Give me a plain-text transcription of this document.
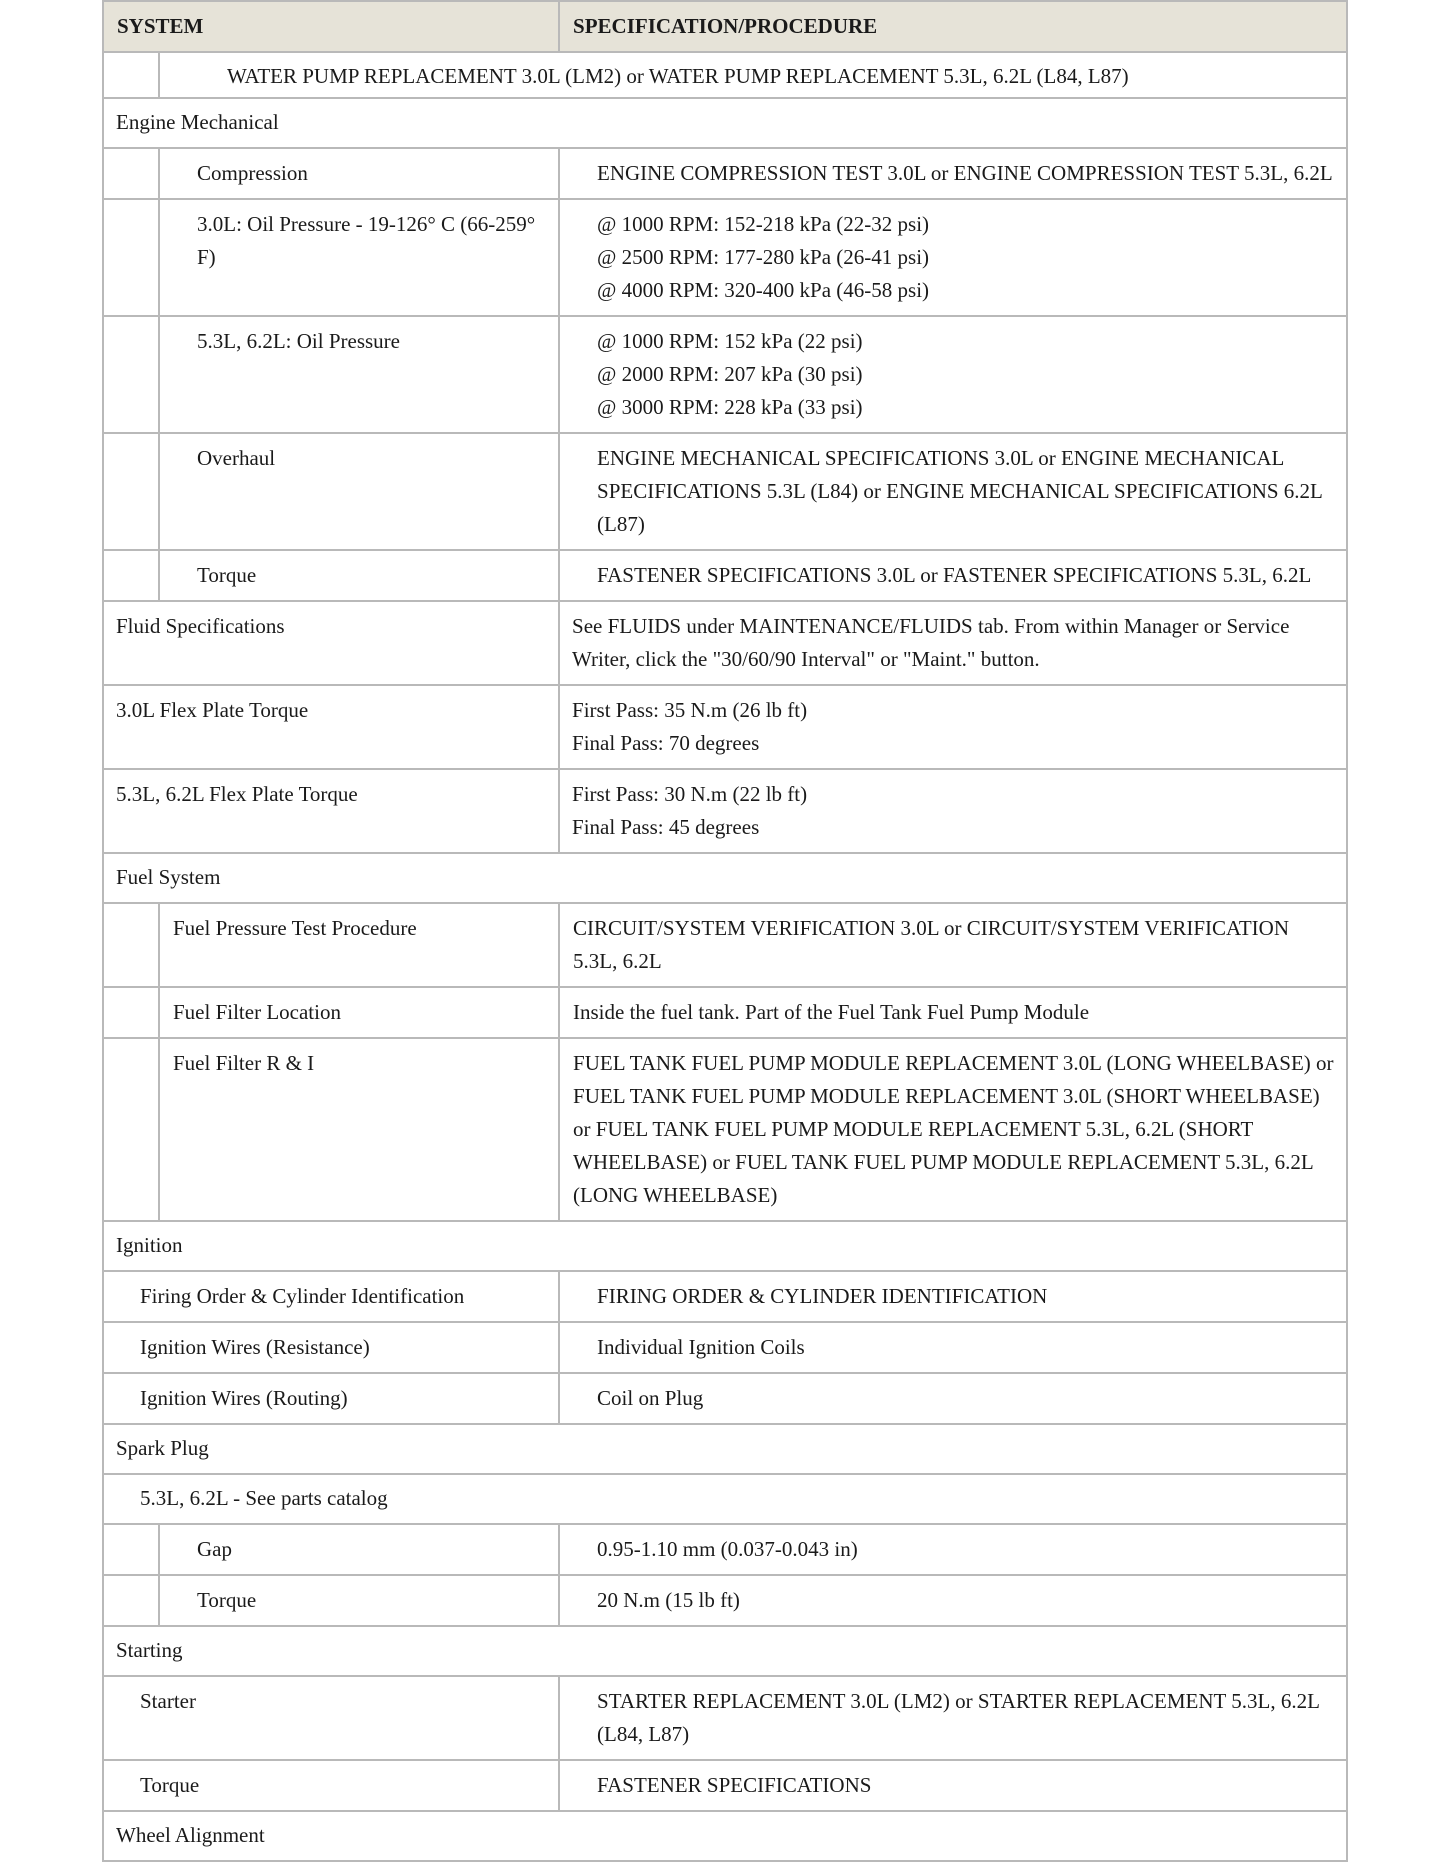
SYSTEM		SPECIFICATION/PROCEDURE

	WATER PUMP REPLACEMENT 3.0L (LM2) or WATER PUMP REPLACEMENT 5.3L, 6.2L (L84, L87)	

Engine Mechanical		

	Compression	ENGINE COMPRESSION TEST 3.0L or ENGINE COMPRESSION TEST 5.3L, 6.2L

	3.0L: Oil Pressure - 19-126° C (66-259° F)	@ 1000 RPM: 152-218 kPa (22-32 psi)
@ 2500 RPM: 177-280 kPa (26-41 psi)
@ 4000 RPM: 320-400 kPa (46-58 psi)

	5.3L, 6.2L: Oil Pressure	@ 1000 RPM: 152 kPa (22 psi)
@ 2000 RPM: 207 kPa (30 psi)
@ 3000 RPM: 228 kPa (33 psi)

	Overhaul	ENGINE MECHANICAL SPECIFICATIONS 3.0L or ENGINE MECHANICAL SPECIFICATIONS 5.3L (L84) or ENGINE MECHANICAL SPECIFICATIONS 6.2L (L87)

	Torque	FASTENER SPECIFICATIONS 3.0L or FASTENER SPECIFICATIONS 5.3L, 6.2L

Fluid Specifications		See FLUIDS under MAINTENANCE/FLUIDS tab. From within Manager or Service Writer, click the "30/60/90 Interval" or "Maint." button.

3.0L Flex Plate Torque		First Pass: 35 N.m (26 lb ft)
Final Pass: 70 degrees

5.3L, 6.2L Flex Plate Torque		First Pass: 30 N.m (22 lb ft)
Final Pass: 45 degrees

Fuel System		

	Fuel Pressure Test Procedure	CIRCUIT/SYSTEM VERIFICATION 3.0L or CIRCUIT/SYSTEM VERIFICATION 5.3L, 6.2L

	Fuel Filter Location	Inside the fuel tank. Part of the Fuel Tank Fuel Pump Module

	Fuel Filter R & I	FUEL TANK FUEL PUMP MODULE REPLACEMENT 3.0L (LONG WHEELBASE) or FUEL TANK FUEL PUMP MODULE REPLACEMENT 3.0L (SHORT WHEELBASE) or FUEL TANK FUEL PUMP MODULE REPLACEMENT 5.3L, 6.2L (SHORT WHEELBASE) or FUEL TANK FUEL PUMP MODULE REPLACEMENT 5.3L, 6.2L (LONG WHEELBASE)

Ignition		

Firing Order & Cylinder Identification		FIRING ORDER & CYLINDER IDENTIFICATION

Ignition Wires (Resistance)		Individual Ignition Coils

Ignition Wires (Routing)		Coil on Plug

Spark Plug		

5.3L, 6.2L - See parts catalog		

	Gap	0.95-1.10 mm (0.037-0.043 in)

	Torque	20 N.m (15 lb ft)

Starting		

Starter		STARTER REPLACEMENT 3.0L (LM2) or STARTER REPLACEMENT 5.3L, 6.2L (L84, L87)

Torque		FASTENER SPECIFICATIONS

Wheel Alignment		
